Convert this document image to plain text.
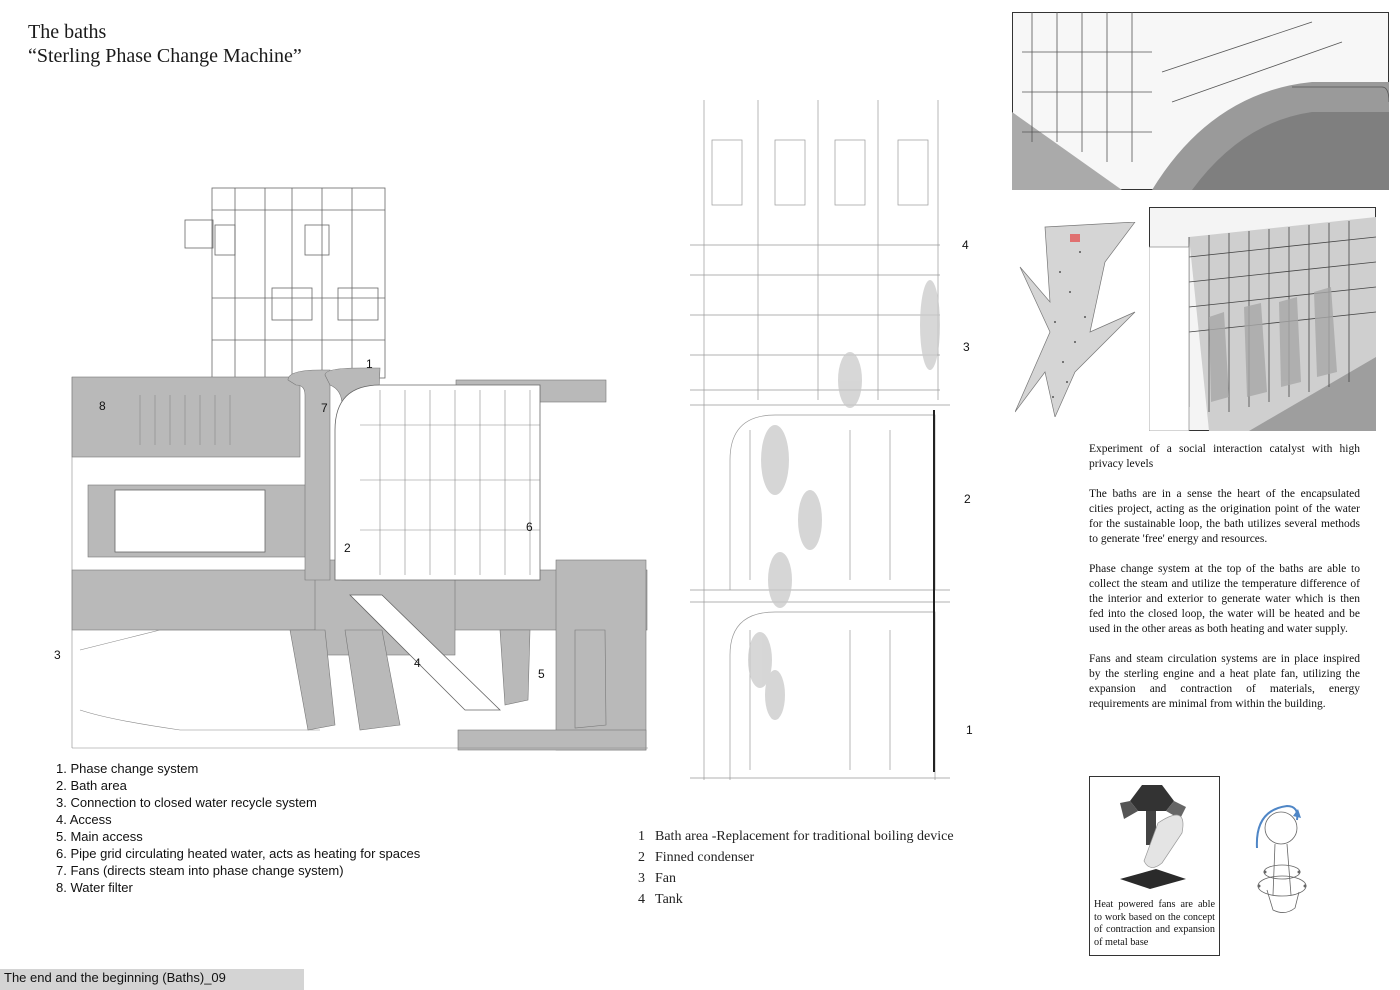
The baths
“Sterling Phase Change Machine”
1
2
3
4
5
6
7
8
1. Phase change system
2. Bath area
3. Connection to closed water recycle system
4. Access
5. Main access
6. Pipe grid circulating heated water, acts as heating for spaces
7. Fans (directs steam into phase change system)
8. Water filter
1
2
3
4
1 Bath area -Replacement for traditional boiling device
2 Finned condenser
3 Fan
4 Tank

Experiment of a social interaction catalyst with high privacy levels

The baths are in a sense the heart of the encapsulated cities project, acting as the origination point of the water for the sustainable loop, the bath utilizes several methods to generate 'free' energy and resources.

Phase change system at the top of the baths are able to collect the steam and utilize the temperature difference of the interior and exterior to generate water which is then fed into the closed loop, the water will be heated and be used in the other areas as both heating and water supply.

Fans and steam circulation systems are in place inspired by the sterling engine and a heat plate fan, utilizing the expansion and contraction of materials, energy requirements are minimal from within the building.

Heat powered fans are able to work based on the concept of contraction and expansion of metal base
The end and the beginning (Baths)_09
